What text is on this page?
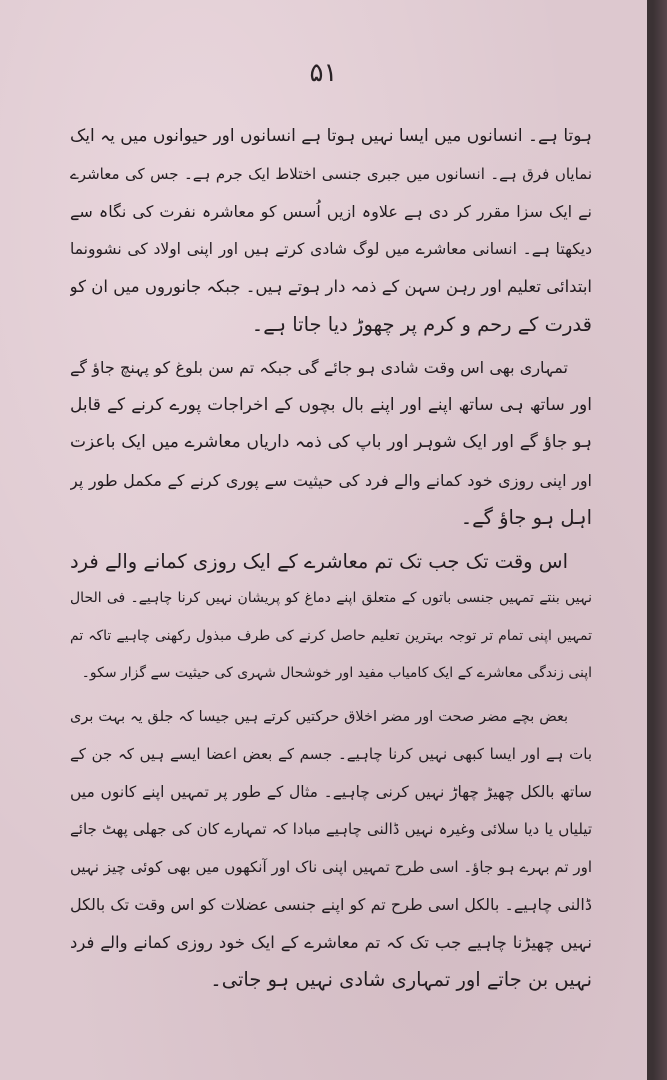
۵۱
ہوتا ہے۔ انسانوں میں ایسا نہیں ہوتا ہے انسانوں اور حیوانوں میں یہ ایک
نمایاں فرق ہے۔ انسانوں میں جبری جنسی اختلاط ایک جرم ہے۔ جس کی معاشرے
نے ایک سزا مقرر کر دی ہے علاوہ ازیں اُسس کو معاشرہ نفرت کی نگاہ سے
دیکھتا ہے۔ انسانی معاشرے میں لوگ شادی کرتے ہیں اور اپنی اولاد کی نشوونما
ابتدائی تعلیم اور رہن سہن کے ذمہ دار ہوتے ہیں۔ جبکہ جانوروں میں ان کو
قدرت کے رحم و کرم پر چھوڑ دیا جاتا ہے۔
تمہاری بھی اس وقت شادی ہو جائے گی جبکہ تم سن بلوغ کو پہنچ جاؤ گے
اور ساتھ ہی ساتھ اپنے اور اپنے بال بچوں کے اخراجات پورے کرنے کے قابل
ہو جاؤ گے اور ایک شوہر اور باپ کی ذمہ داریاں معاشرے میں ایک باعزت
اور اپنی روزی خود کمانے والے فرد کی حیثیت سے پوری کرنے کے مکمل طور پر
اہل ہو جاؤ گے۔
اس وقت تک جب تک تم معاشرے کے ایک روزی کمانے والے فرد
نہیں بنتے تمہیں جنسی باتوں کے متعلق اپنے دماغ کو پریشان نہیں کرنا چاہیے۔ فی الحال
تمہیں اپنی تمام تر توجہ بہترین تعلیم حاصل کرنے کی طرف مبذول رکھنی چاہیے تاکہ تم
اپنی زندگی معاشرے کے ایک کامیاب مفید اور خوشحال شہری کی حیثیت سے گزار سکو۔
بعض بچے مضر صحت اور مضر اخلاق حرکتیں کرتے ہیں جیسا کہ جلق یہ بہت بری
بات ہے اور ایسا کبھی نہیں کرنا چاہیے۔ جسم کے بعض اعضا ایسے ہیں کہ جن کے
ساتھ بالکل چھیڑ چھاڑ نہیں کرنی چاہیے۔ مثال کے طور پر تمہیں اپنے کانوں میں
تیلیاں یا دیا سلائی وغیرہ نہیں ڈالنی چاہیے مبادا کہ تمہارے کان کی جھلی پھٹ جائے
اور تم بہرے ہو جاؤ۔ اسی طرح تمہیں اپنی ناک اور آنکھوں میں بھی کوئی چیز نہیں
ڈالنی چاہیے۔ بالکل اسی طرح تم کو اپنے جنسی عضلات کو اس وقت تک بالکل
نہیں چھیڑنا چاہیے جب تک کہ تم معاشرے کے ایک خود روزی کمانے والے فرد
نہیں بن جاتے اور تمہاری شادی نہیں ہو جاتی۔
